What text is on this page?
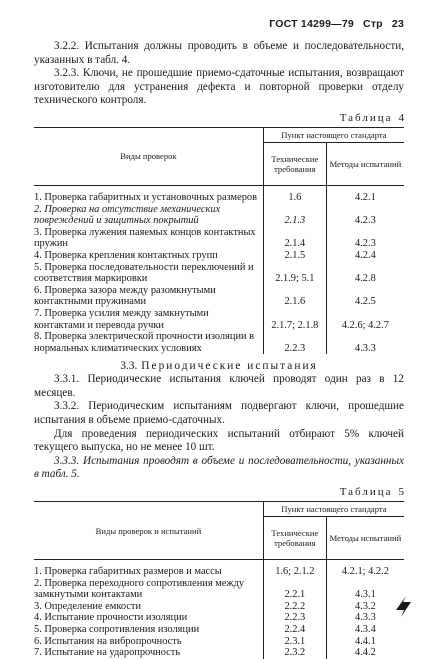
ГОСТ 14299—79 Стр 23

3.2.2. Испытания должны проводить в объеме и последовательности, указанных в табл. 4.

3.2.3. Ключи, не прошедшие приемо-сдаточные испытания, возвращают изготовителю для устранения дефекта и повторной проверки отделу технического контроля.

Таблица 4
Виды проверок	Пункт настоящего стандарта	
	Технические требования	Методы испытаний

1. Проверка габаритных и установочных размеров	1.6	4.2.1
2. Проверка на отсутствие механических повреждений и защитных покрытий	2.1.3	4.2.3
3. Проверка лужения паяемых концов контактных пружин	2.1.4	4.2.3
4. Проверка крепления контактных групп	2.1.5	4.2.4
5. Проверка последовательности переключений и соответствия маркировки	2.1.9; 5.1	4.2.8
6. Проверка зазора между разомкнутыми контактными пружинами	2.1.6	4.2.5
7. Проверка усилия между замкнутыми контактами и перевода ручки	2.1.7; 2.1.8	4.2.6; 4.2.7
8. Проверка электрической прочности изоляции в нормальных климатических условиях	2.2.3	4.3.3
3.3. Периодические испытания

3.3.1. Периодические испытания ключей проводят один раз в 12 месяцев.

3.3.2. Периодическим испытаниям подвергают ключи, прошедшие испытания в объеме приемо-сдаточных.

Для проведения периодических испытаний отбирают 5% ключей текущего выпуска, но не менее 10 шт.

3.3.3. Испытания проводят в объеме и последовательности, указанных в табл. 5.

Таблица 5
Виды проверок и испытаний	Пункт настоящего стандарта	
	Технические требования	Методы испытаний

1. Проверка габаритных размеров и массы	1.6; 2.1.2	4.2.1; 4.2.2
2. Проверка переходного сопротивления между замкнутыми контактами	2.2.1	4.3.1
3. Определение емкости	2.2.2	4.3.2
4. Испытание прочности изоляции	2.2.3	4.3.3
5. Проверка сопротивления изоляции	2.2.4	4.3.4
6. Испытания на вибропрочность	2.3.1	4.4.1
7. Испытание на ударопрочность	2.3.2	4.4.2
